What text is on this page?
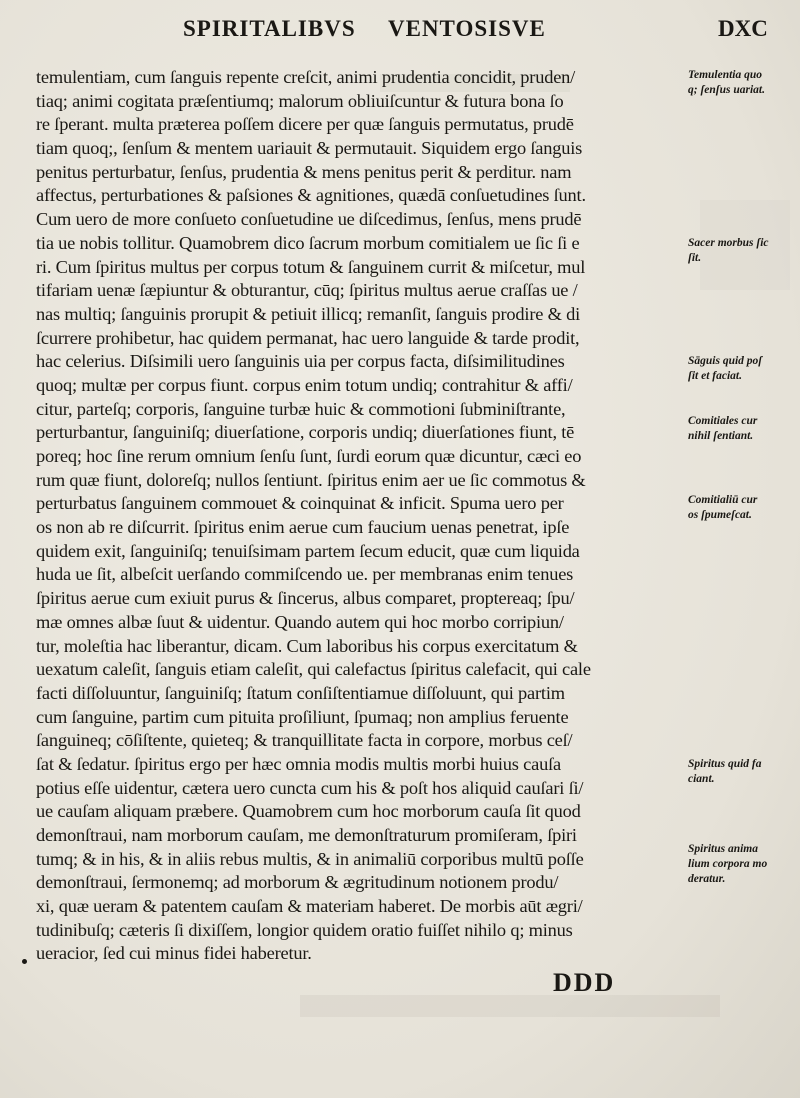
SPIRITALIBVS VENTOSISVE	DXC
temulentiam, cum ſanguis repente creſcit, animi prudentia concidit, pruden/
tiaq; animi cogitata præſentiumq; malorum obliuiſcuntur & futura bona ſo
re ſperant. multa præterea poſſem dicere per quæ ſanguis permutatus, prudē
tiam quoq;, ſenſum & mentem uariauit & permutauit. Siquidem ergo ſanguis
penitus perturbatur, ſenſus, prudentia & mens penitus perit & perditur. nam
affectus, perturbationes & paſsiones & agnitiones, quædā conſuetudines ſunt.
Cum uero de more conſueto conſuetudine ue diſcedimus, ſenſus, mens prudē
tia ue nobis tollitur. Quamobrem dico ſacrum morbum comitialem ue ſic ſi e
ri. Cum ſpiritus multus per corpus totum & ſanguinem currit & miſcetur, mul
tifariam uenæ ſæpiuntur & obturantur, cūq; ſpiritus multus aerue craſſas ue /
nas multiq; ſanguinis prorupit & petiuit illicq; remanſit, ſanguis prodire & di
ſcurrere prohibetur, hac quidem permanat, hac uero languide & tarde prodit,
hac celerius. Diſsimili uero ſanguinis uia per corpus facta, diſsimilitudines
quoq; multæ per corpus fiunt. corpus enim totum undiq; contrahitur & affi/
citur, parteſq; corporis, ſanguine turbæ huic & commotioni ſubminiſtrante,
perturbantur, ſanguiniſq; diuerſatione, corporis undiq; diuerſationes fiunt, tē
poreq; hoc ſine rerum omnium ſenſu ſunt, ſurdi eorum quæ dicuntur, cæci eo
rum quæ fiunt, doloreſq; nullos ſentiunt. ſpiritus enim aer ue ſic commotus &
perturbatus ſanguinem commouet & coinquinat & inficit. Spuma uero per
os non ab re diſcurrit. ſpiritus enim aerue cum faucium uenas penetrat, ipſe
quidem exit, ſanguiniſq; tenuiſsimam partem ſecum educit, quæ cum liquida
huda ue ſit, albeſcit uerſando commiſcendo ue. per membranas enim tenues
ſpiritus aerue cum exiuit purus & ſincerus, albus comparet, proptereaq; ſpu/
mæ omnes albæ ſuut & uidentur. Quando autem qui hoc morbo corripiun/
tur, moleſtia hac liberantur, dicam. Cum laboribus his corpus exercitatum &
uexatum caleſit, ſanguis etiam caleſit, qui calefactus ſpiritus calefacit, qui cale
facti diſſoluuntur, ſanguiniſq; ſtatum conſiſtentiamue diſſoluunt, qui partim
cum ſanguine, partim cum pituita proſiliunt, ſpumaq; non amplius feruente
ſanguineq; cōſiſtente, quieteq; & tranquillitate facta in corpore, morbus ceſ/
ſat & ſedatur. ſpiritus ergo per hæc omnia modis multis morbi huius cauſa
potius eſſe uidentur, cætera uero cuncta cum his & poſt hos aliquid cauſari ſi/
ue cauſam aliquam præbere. Quamobrem cum hoc morborum cauſa ſit quod
demonſtraui, nam morborum cauſam, me demonſtraturum promiſeram, ſpiri
tumq; & in his, & in aliis rebus multis, & in animaliū corporibus multū poſſe
demonſtraui, ſermonemq; ad morborum & ægritudinum notionem produ/
xi, quæ ueram & patentem cauſam & materiam haberet. De morbis aūt ægri/
tudinibuſq; cæteris ſi dixiſſem, longior quidem oratio fuiſſet nihilo q; minus
ueracior, ſed cui minus fidei haberetur.
DDD
Temulentia quo
q; ſenſus uariat.
Sacer morbus ſic
ſit.
Sāguis quid poſ
ſit et faciat.
Comitiales cur
nihil ſentiant.
Comitialiū cur
os ſpumeſcat.
Spiritus quid fa
ciant.
Spiritus anima
lium corpora mo
deratur.
